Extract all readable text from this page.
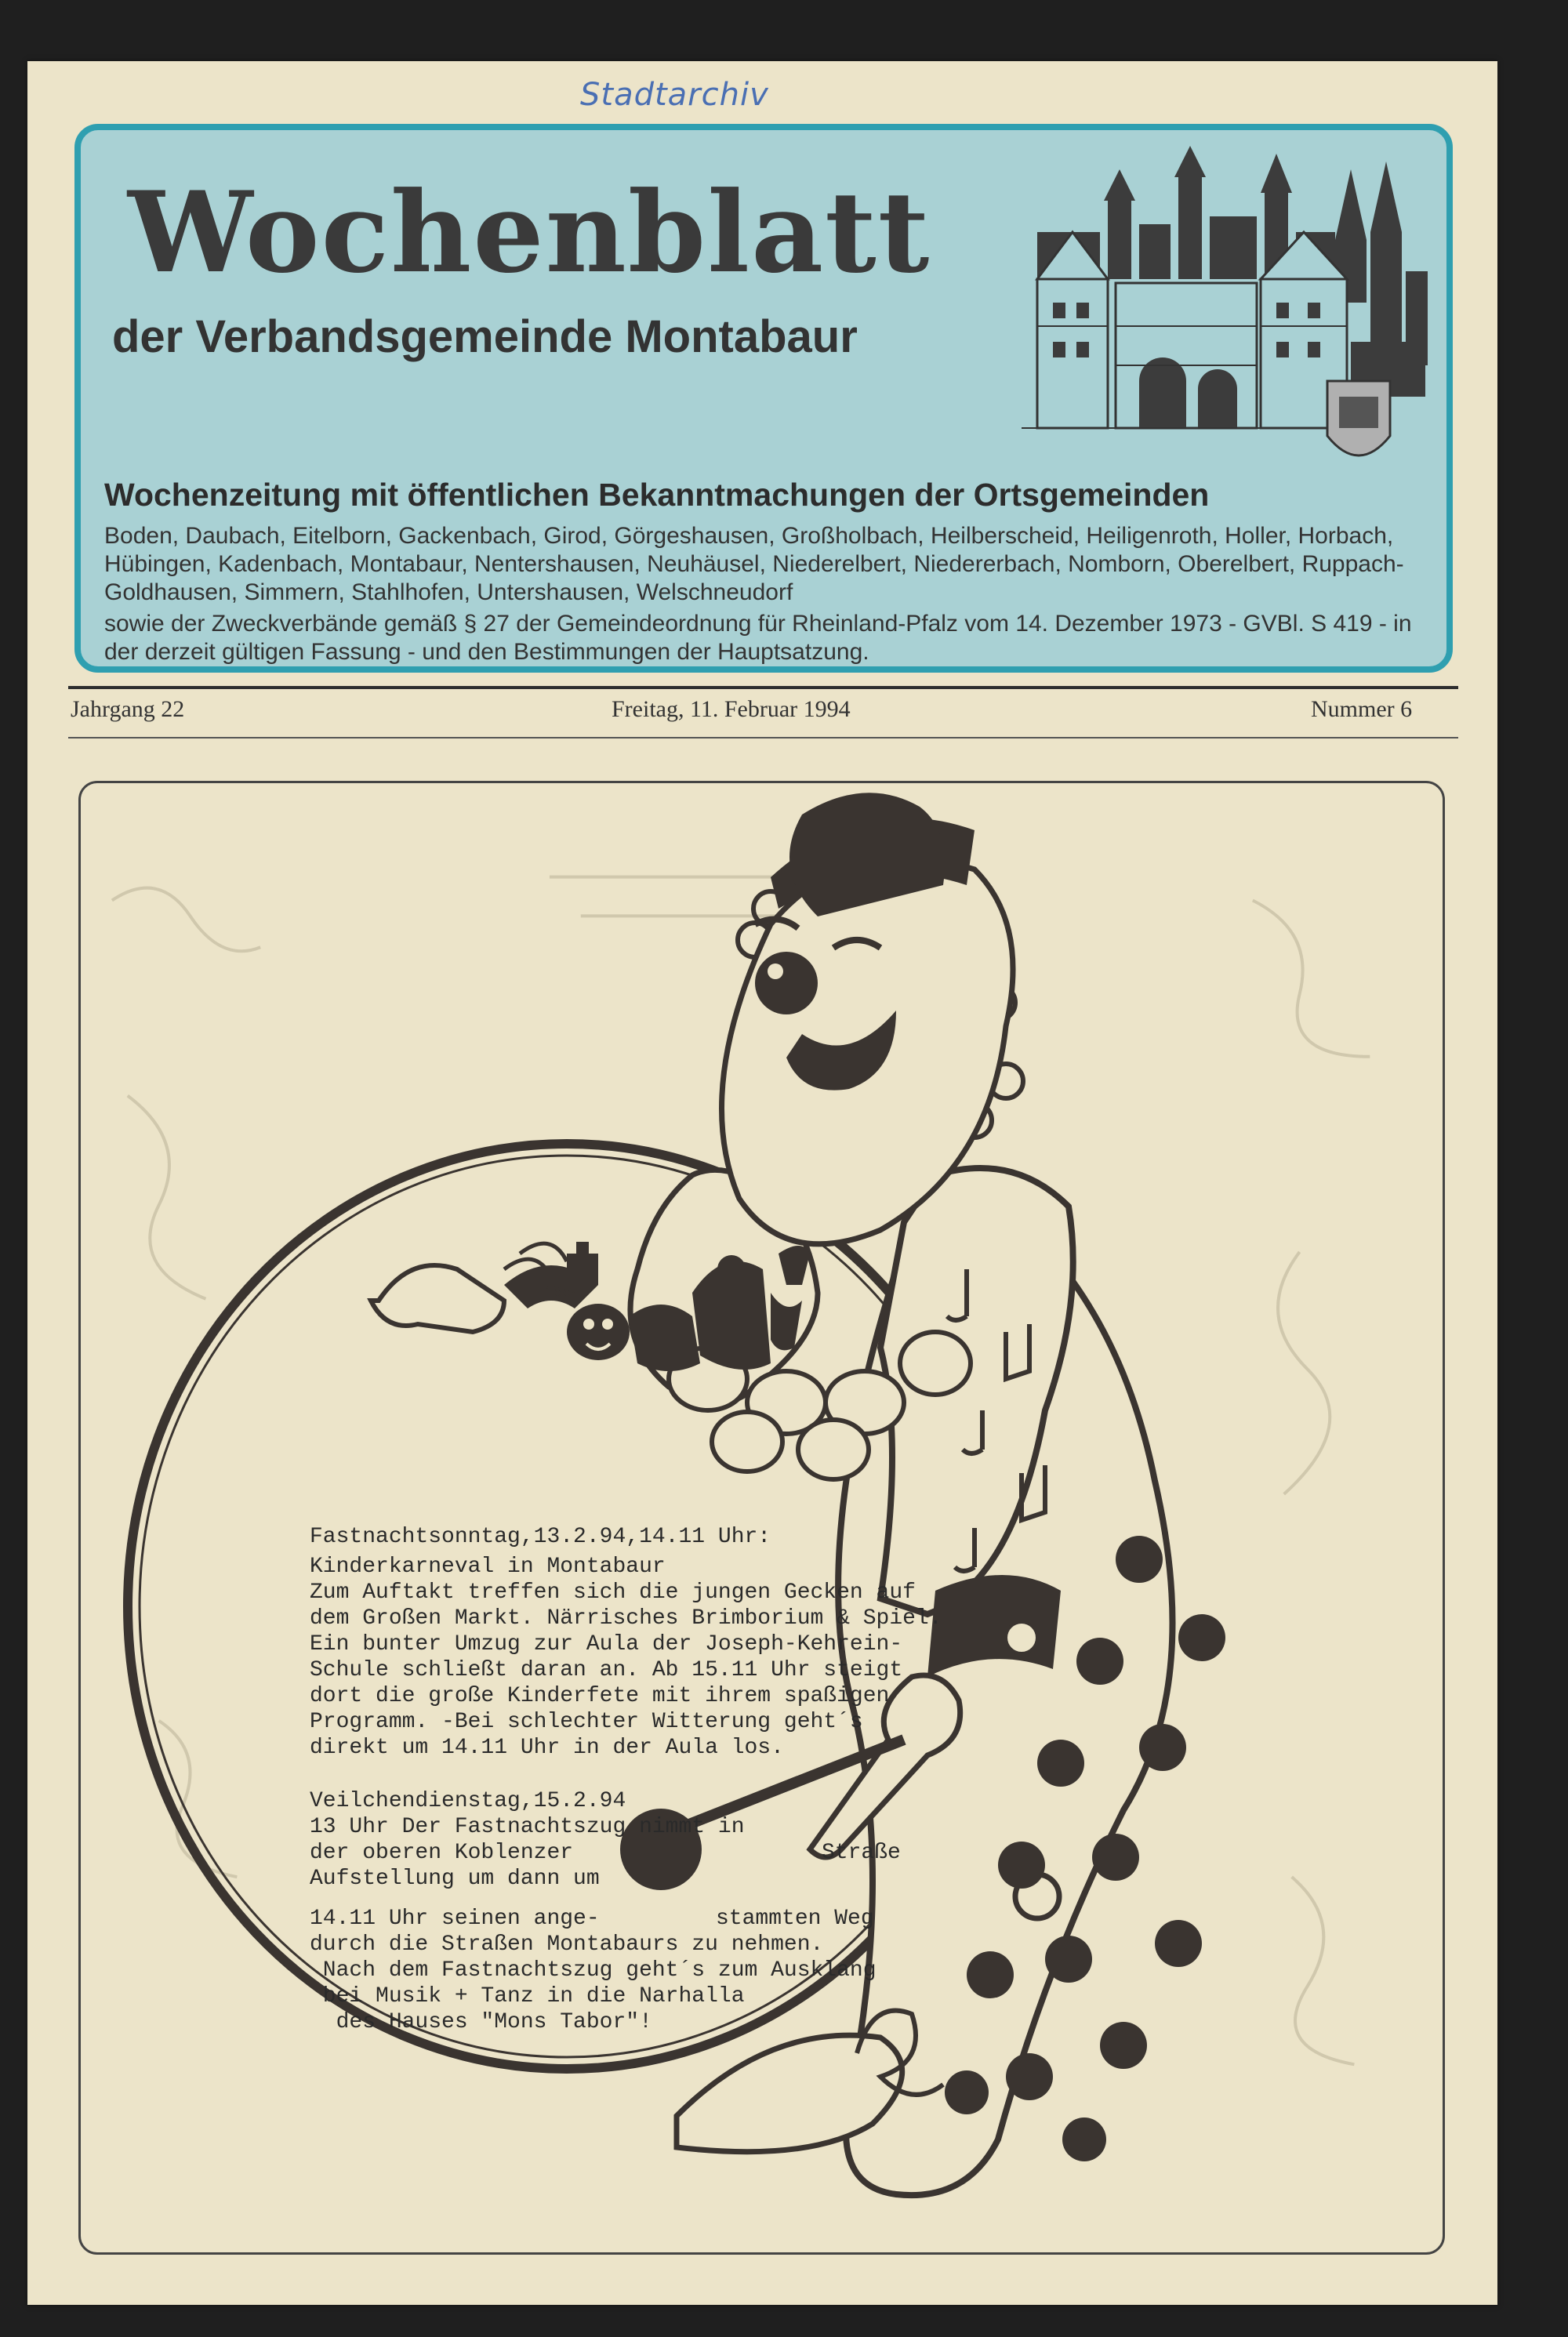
Stadtarchiv
Wochenblatt
der Verbandsgemeinde Montabaur
Wochenzeitung mit öffentlichen Bekanntmachungen der Ortsgemeinden
Boden, Daubach, Eitelborn, Gackenbach, Girod, Görgeshausen, Großholbach, Heilberscheid, Heiligenroth, Holler, Horbach, Hübingen, Kadenbach, Montabaur, Nentershausen, Neuhäusel, Niederelbert, Niedererbach, Nomborn, Oberelbert, Ruppach-Goldhausen, Simmern, Stahlhofen, Untershausen, Welschneudorf
sowie der Zweckverbände gemäß § 27 der Gemeindeordnung für Rheinland-Pfalz vom 14. Dezember 1973 - GVBl. S 419 - in der derzeit gültigen Fassung - und den Bestimmungen der Hauptsatzung.
Jahrgang 22	Freitag, 11. Februar 1994	Nummer 6
1884
Fastnachtsonntag,13.2.94,14.11 Uhr:
Kinderkarneval in Montabaur
Zum Auftakt treffen sich die jungen Gecken auf
dem Großen Markt. Närrisches Brimborium & Spiel.
Ein bunter Umzug zur Aula der Joseph-Kehrein-
Schule schließt daran an. Ab 15.11 Uhr steigt
dort die große Kinderfete mit ihrem spaßigen
Programm. -Bei schlechter Witterung geht´s
direkt um 14.11 Uhr in der Aula los.
Veilchendienstag,15.2.94
13 Uhr Der Fastnachtszug nimmt in
der oberen Koblenzer
Aufstellung um dann um
Straße
14.11 Uhr seinen ange-	stammten Weg
durch die Straßen Montabaurs zu nehmen.
Nach dem Fastnachtszug geht´s zum Ausklang
bei Musik + Tanz in die Narhalla
des Hauses "Mons Tabor"!
